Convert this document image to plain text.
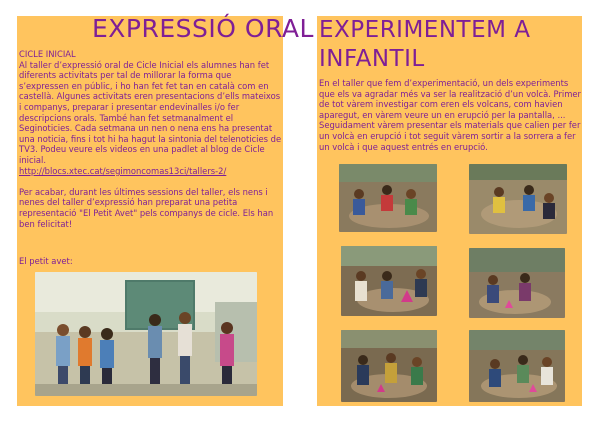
EXPRESSIÓ ORAL

CICLE INICIAL

Al taller d’expressió oral de Cicle Inicial els alumnes han fet diferents activitats per tal de millorar la forma que s’expressen en públic, i ho han fet fet tan en català com en castellà. Algunes activitats eren presentacions d’ells mateixos i companys, preparar i presentar endevinalles i/o fer descripcions orals. També han fet setmanalment el Seginoticies. Cada setmana un nen o nena ens ha presentat una noticia, fins i tot hi ha hagut la sintonia del telenoticies de TV3. Podeu veure els videos en una padlet al blog de Cicle inicial.

http://blocs.xtec.cat/segimoncomas13ci/tallers-2/

Per acabar, durant les últimes sessions del taller, els nens i nenes del taller d’expressió han preparat una petita representació "El Petit Avet" pels companys de cicle. Els han ben felicitat!

El petit avet:
EXPERIMENTEM A INFANTIL
En el taller que fem d’experimentació, un dels experiments que els va agradar més va ser la realització d’un volcà. Primer de tot vàrem investigar com eren els volcans, com havien aparegut, en vàrem veure un en erupció per la pantalla, ... Seguidament vàrem presentar els materials que calien per fer un volcà en erupció i tot seguit vàrem sortir a la sorrera a fer un volcà i que aquest entrés en erupció.
